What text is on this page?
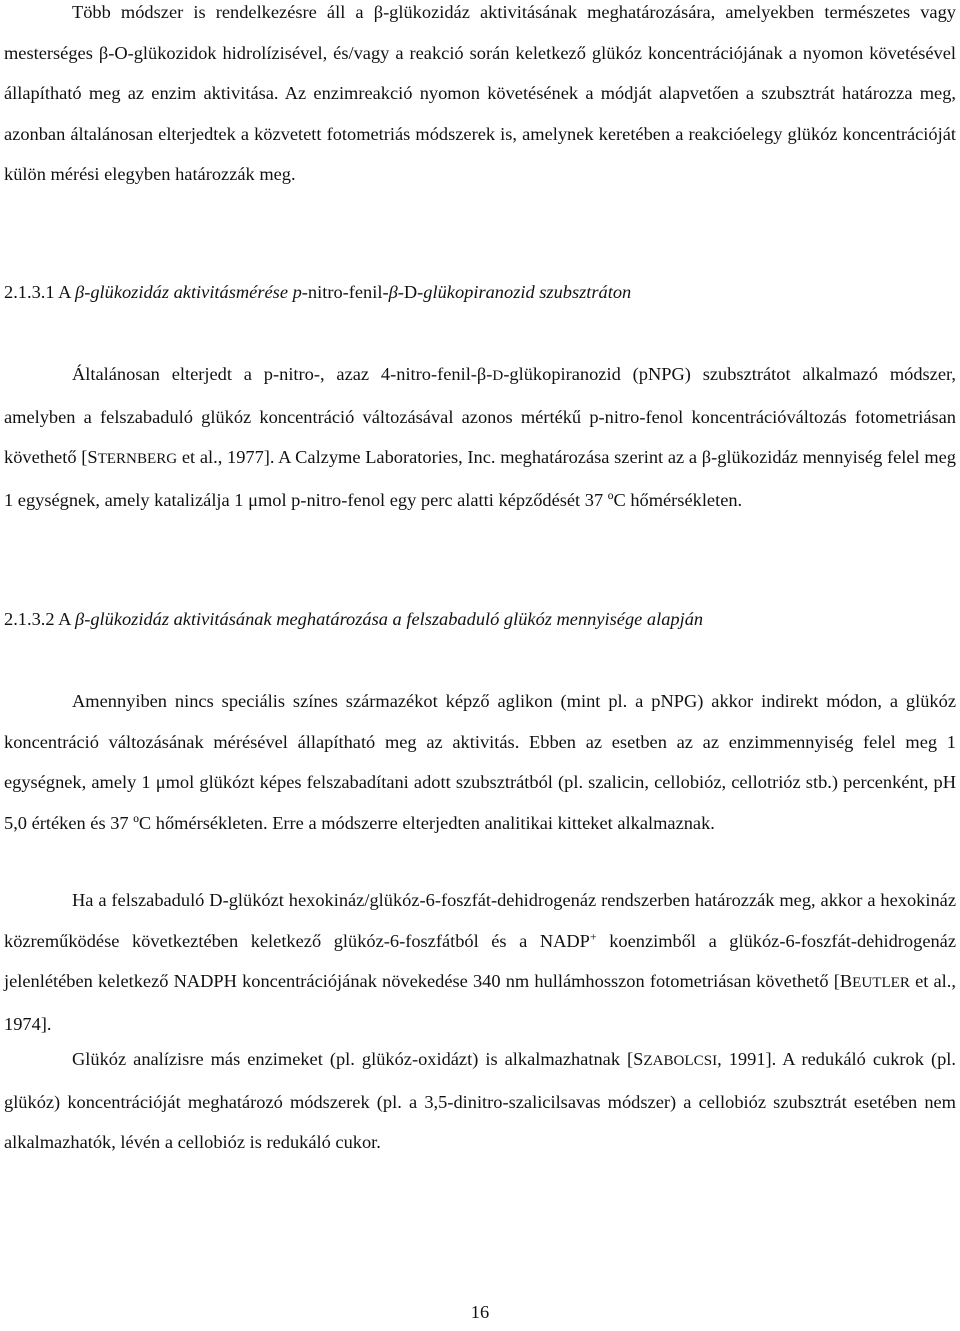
Több módszer is rendelkezésre áll a β-glükozidáz aktivitásának meghatározására, amelyekben természetes vagy mesterséges β-O-glükozidok hidrolízisével, és/vagy a reakció során keletkező glükóz koncentrációjának a nyomon követésével állapítható meg az enzim aktivitása. Az enzimreakció nyomon követésének a módját alapvetően a szubsztrát határozza meg, azonban általánosan elterjedtek a közvetett fotometriás módszerek is, amelynek keretében a reakcióelegy glükóz koncentrációját külön mérési elegyben határozzák meg.

2.1.3.1 A β-glükozidáz aktivitásmérése p-nitro-fenil-β-D-glükopiranozid szubsztráton

Általánosan elterjedt a p-nitro-, azaz 4-nitro-fenil-β-D-glükopiranozid (pNPG) szubsztrátot alkalmazó módszer, amelyben a felszabaduló glükóz koncentráció változásával azonos mértékű p-nitro-fenol koncentrációváltozás fotometriásan követhető [STERNBERG et al., 1977]. A Calzyme Laboratories, Inc. meghatározása szerint az a β-glükozidáz mennyiség felel meg 1 egységnek, amely katalizálja 1 μmol p-nitro-fenol egy perc alatti képződését 37 ºC hőmérsékleten.

2.1.3.2 A β-glükozidáz aktivitásának meghatározása a felszabaduló glükóz mennyisége alapján

Amennyiben nincs speciális színes származékot képző aglikon (mint pl. a pNPG) akkor indirekt módon, a glükóz koncentráció változásának mérésével állapítható meg az aktivitás. Ebben az esetben az az enzimmennyiség felel meg 1 egységnek, amely 1 μmol glükózt képes felszabadítani adott szubsztrátból (pl. szalicin, cellobióz, cellotrióz stb.) percenként, pH 5,0 értéken és 37 ºC hőmérsékleten. Erre a módszerre elterjedten analitikai kitteket alkalmaznak.

Ha a felszabaduló D-glükózt hexokináz/glükóz-6-foszfát-dehidrogenáz rendszerben határozzák meg, akkor a hexokináz közreműködése következtében keletkező glükóz-6-foszfátból és a NADP+ koenzimből a glükóz-6-foszfát-dehidrogenáz jelenlétében keletkező NADPH koncentrációjának növekedése 340 nm hullámhosszon fotometriásan követhető [BEUTLER et al., 1974].

Glükóz analízisre más enzimeket (pl. glükóz-oxidázt) is alkalmazhatnak [SZABOLCSI, 1991]. A redukáló cukrok (pl. glükóz) koncentrációját meghatározó módszerek (pl. a 3,5-dinitro-szalicilsavas módszer) a cellobióz szubsztrát esetében nem alkalmazhatók, lévén a cellobióz is redukáló cukor.

16
